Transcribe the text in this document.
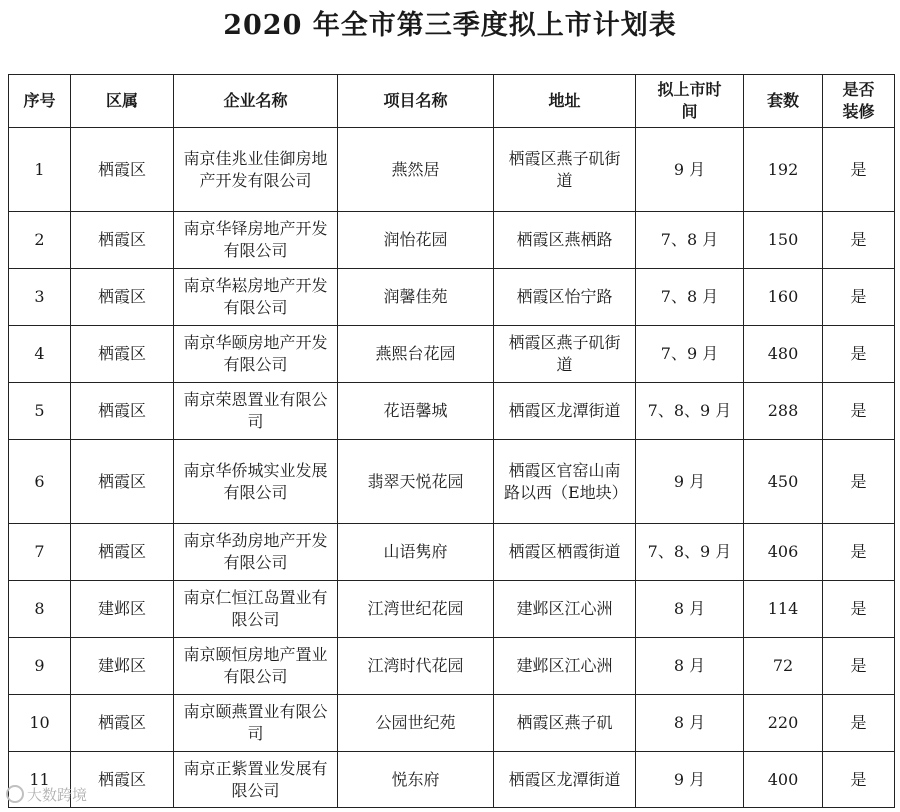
2020 年全市第三季度拟上市计划表
序号	区属	企业名称	项目名称	地址	拟上市时间	套数	是否装修
1	栖霞区	南京佳兆业佳御房地产开发有限公司	燕然居	栖霞区燕子矶街道	9 月	192	是
2	栖霞区	南京华铎房地产开发有限公司	润怡花园	栖霞区燕栖路	7、8 月	150	是
3	栖霞区	南京华崧房地产开发有限公司	润馨佳苑	栖霞区怡宁路	7、8 月	160	是
4	栖霞区	南京华颐房地产开发有限公司	燕熙台花园	栖霞区燕子矶街道	7、9 月	480	是
5	栖霞区	南京荣恩置业有限公司	花语馨城	栖霞区龙潭街道	7、8、9 月	288	是
6	栖霞区	南京华侨城实业发展有限公司	翡翠天悦花园	栖霞区官窑山南路以西（E地块）	9 月	450	是
7	栖霞区	南京华劲房地产开发有限公司	山语隽府	栖霞区栖霞街道	7、8、9 月	406	是
8	建邺区	南京仁恒江岛置业有限公司	江湾世纪花园	建邺区江心洲	8 月	114	是
9	建邺区	南京颐恒房地产置业有限公司	江湾时代花园	建邺区江心洲	8 月	72	是
10	栖霞区	南京颐燕置业有限公司	公园世纪苑	栖霞区燕子矶	8 月	220	是
11	栖霞区	南京正紫置业发展有限公司	悦东府	栖霞区龙潭街道	9 月	400	是
大数跨境
